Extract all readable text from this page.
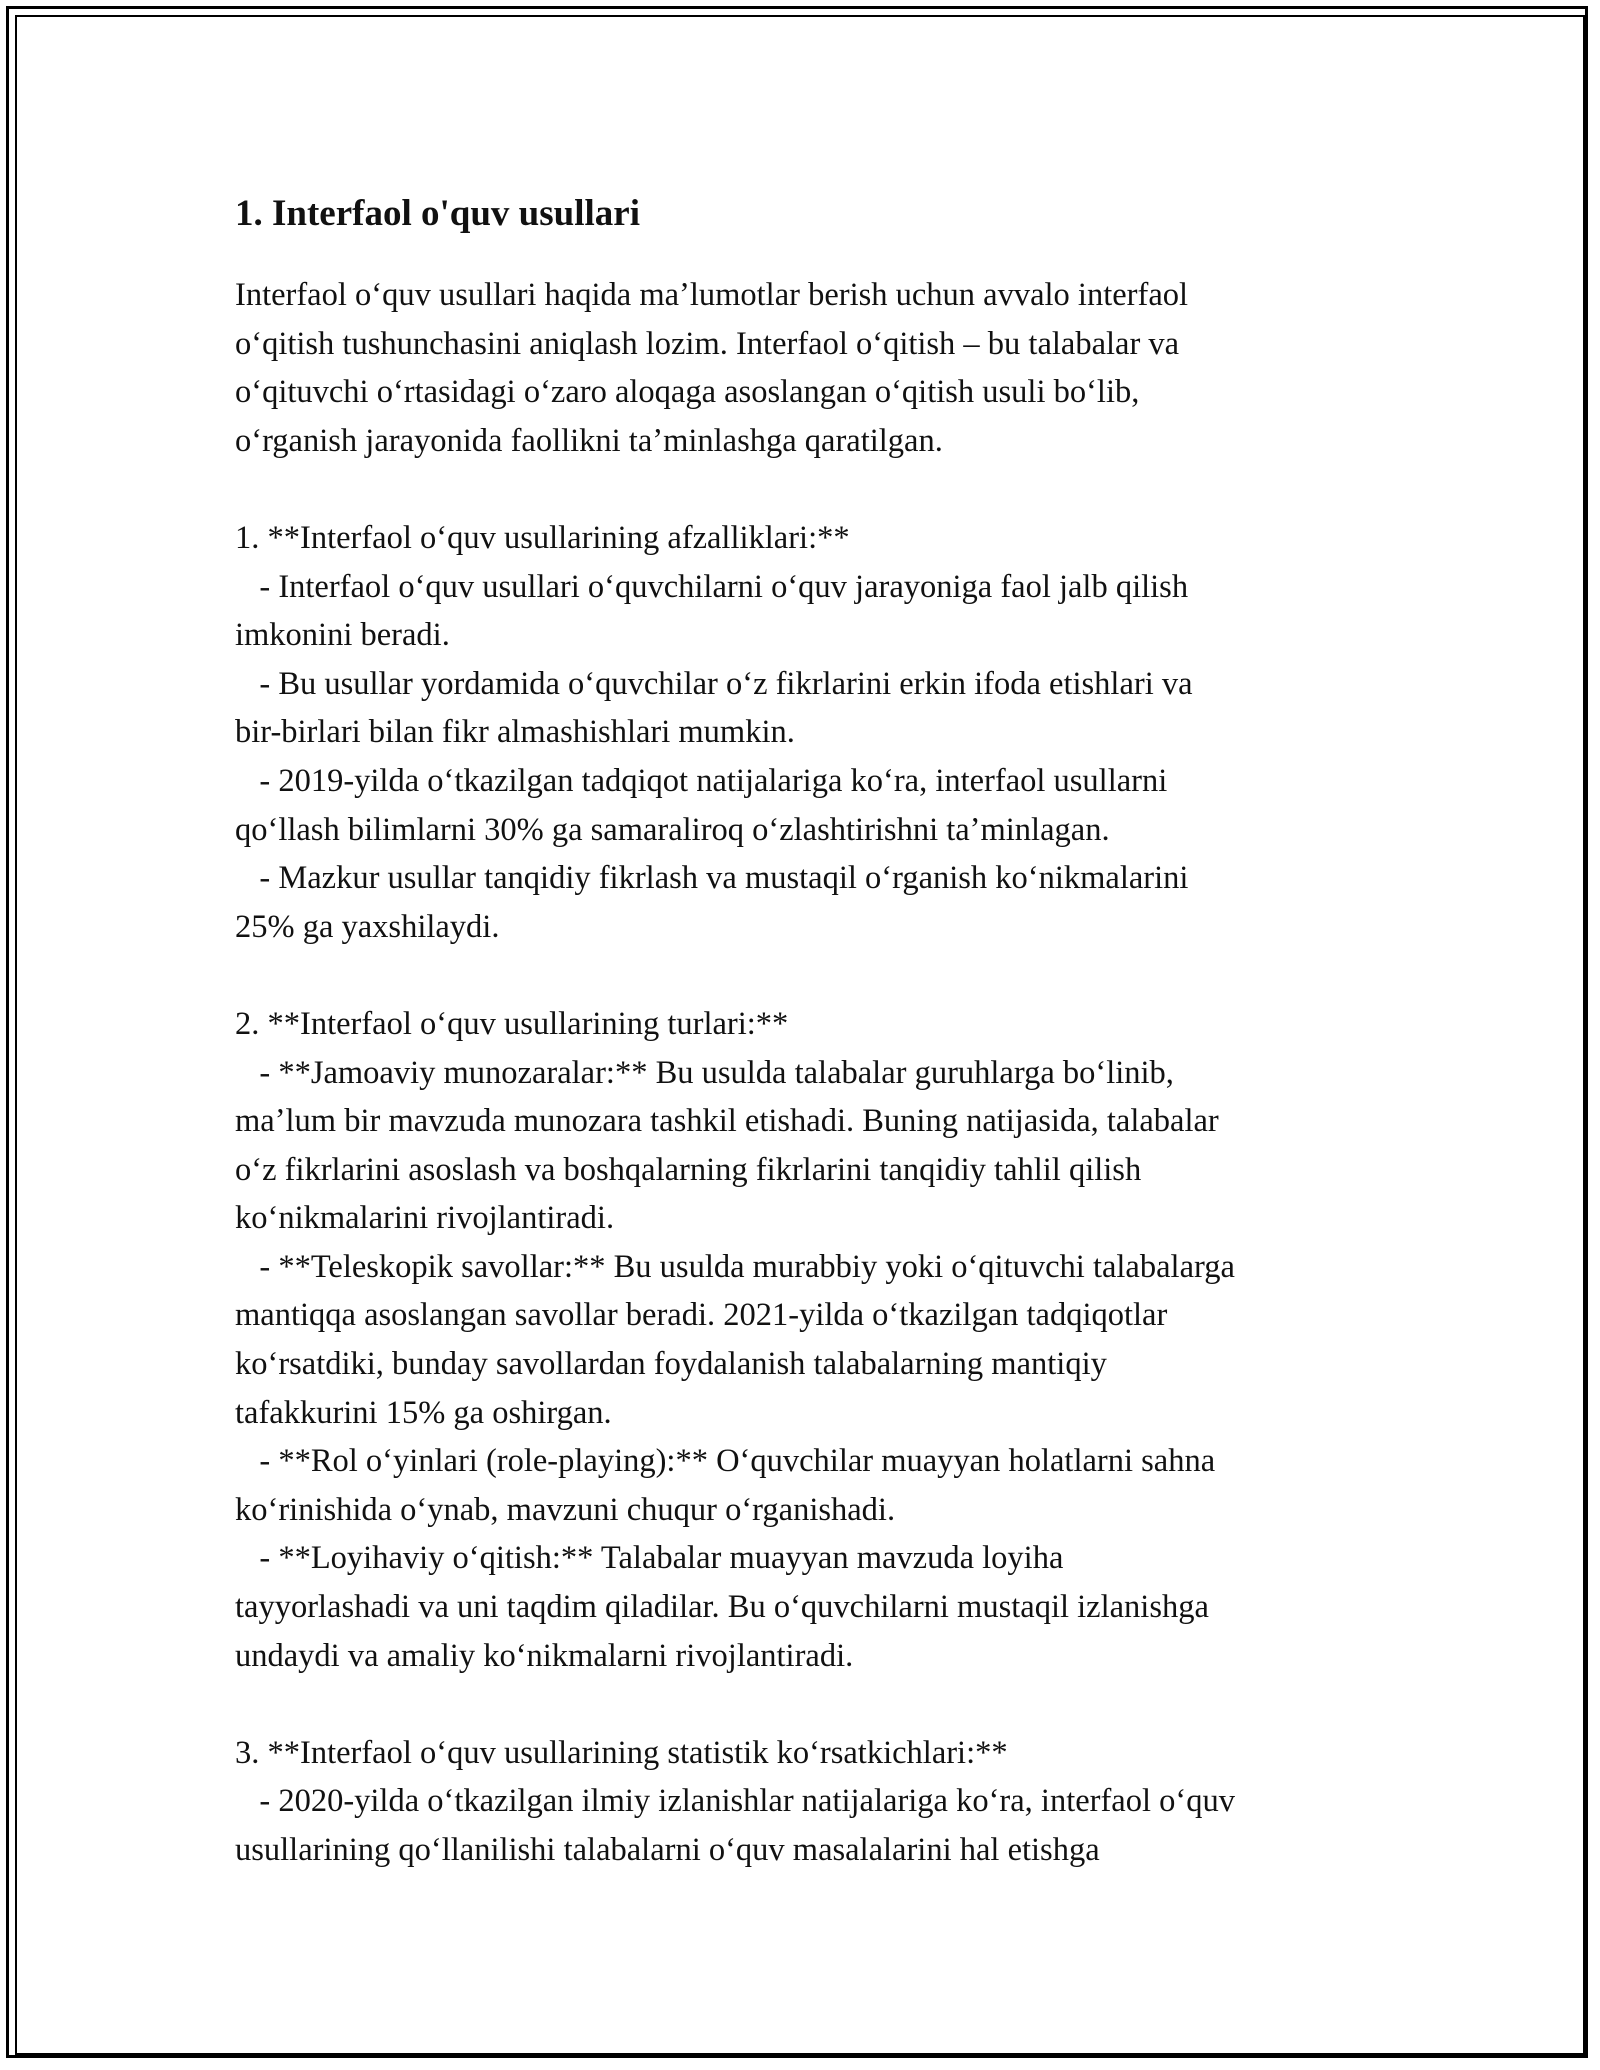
1. Interfaol o'quv usullari
Interfaol oʻquv usullari haqida maʼlumotlar berish uchun avvalo interfaol
oʻqitish tushunchasini aniqlash lozim. Interfaol oʻqitish – bu talabalar va
oʻqituvchi oʻrtasidagi oʻzaro aloqaga asoslangan oʻqitish usuli boʻlib,
oʻrganish jarayonida faollikni taʼminlashga qaratilgan.
1. **Interfaol oʻquv usullarining afzalliklari:**
- Interfaol oʻquv usullari oʻquvchilarni oʻquv jarayoniga faol jalb qilish
imkonini beradi.
- Bu usullar yordamida oʻquvchilar oʻz fikrlarini erkin ifoda etishlari va
bir-birlari bilan fikr almashishlari mumkin.
- 2019-yilda oʻtkazilgan tadqiqot natijalariga koʻra, interfaol usullarni
qoʻllash bilimlarni 30% ga samaraliroq oʻzlashtirishni taʼminlagan.
- Mazkur usullar tanqidiy fikrlash va mustaqil oʻrganish koʻnikmalarini
25% ga yaxshilaydi.
2. **Interfaol oʻquv usullarining turlari:**
- **Jamoaviy munozaralar:** Bu usulda talabalar guruhlarga boʻlinib,
maʼlum bir mavzuda munozara tashkil etishadi. Buning natijasida, talabalar
oʻz fikrlarini asoslash va boshqalarning fikrlarini tanqidiy tahlil qilish
koʻnikmalarini rivojlantiradi.
- **Teleskopik savollar:** Bu usulda murabbiy yoki oʻqituvchi talabalarga
mantiqqa asoslangan savollar beradi. 2021-yilda oʻtkazilgan tadqiqotlar
koʻrsatdiki, bunday savollardan foydalanish talabalarning mantiqiy
tafakkurini 15% ga oshirgan.
- **Rol oʻyinlari (role-playing):** Oʻquvchilar muayyan holatlarni sahna
koʻrinishida oʻynab, mavzuni chuqur oʻrganishadi.
- **Loyihaviy oʻqitish:** Talabalar muayyan mavzuda loyiha
tayyorlashadi va uni taqdim qiladilar. Bu oʻquvchilarni mustaqil izlanishga
undaydi va amaliy koʻnikmalarni rivojlantiradi.
3. **Interfaol oʻquv usullarining statistik koʻrsatkichlari:**
- 2020-yilda oʻtkazilgan ilmiy izlanishlar natijalariga koʻra, interfaol oʻquv
usullarining qoʻllanilishi talabalarni oʻquv masalalarini hal etishga
